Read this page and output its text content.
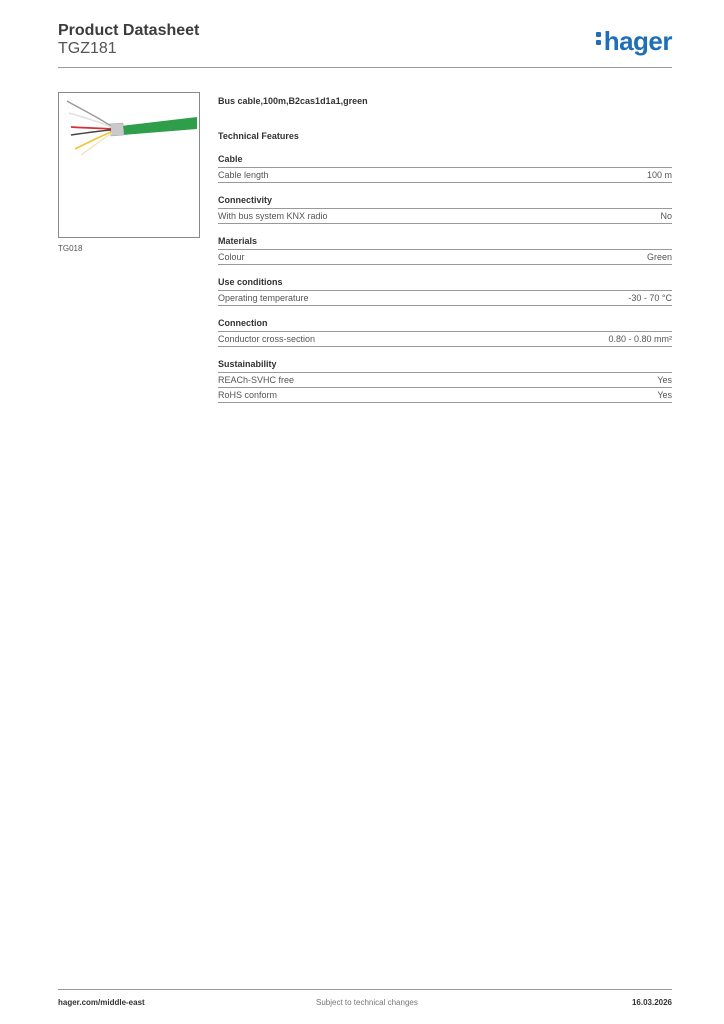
Product Datasheet
TGZ181	hager
TG018
Bus cable,100m,B2cas1d1a1,green
Technical Features
Cable
Cable length	100 m
Connectivity
With bus system KNX radio	No
Materials
Colour	Green
Use conditions
Operating temperature	-30 - 70 °C
Connection
Conductor cross-section	0.80 - 0.80 mm²
Sustainability
REACh-SVHC free	Yes
RoHS conform	Yes
hager.com/middle-east	Subject to technical changes	16.03.2026
